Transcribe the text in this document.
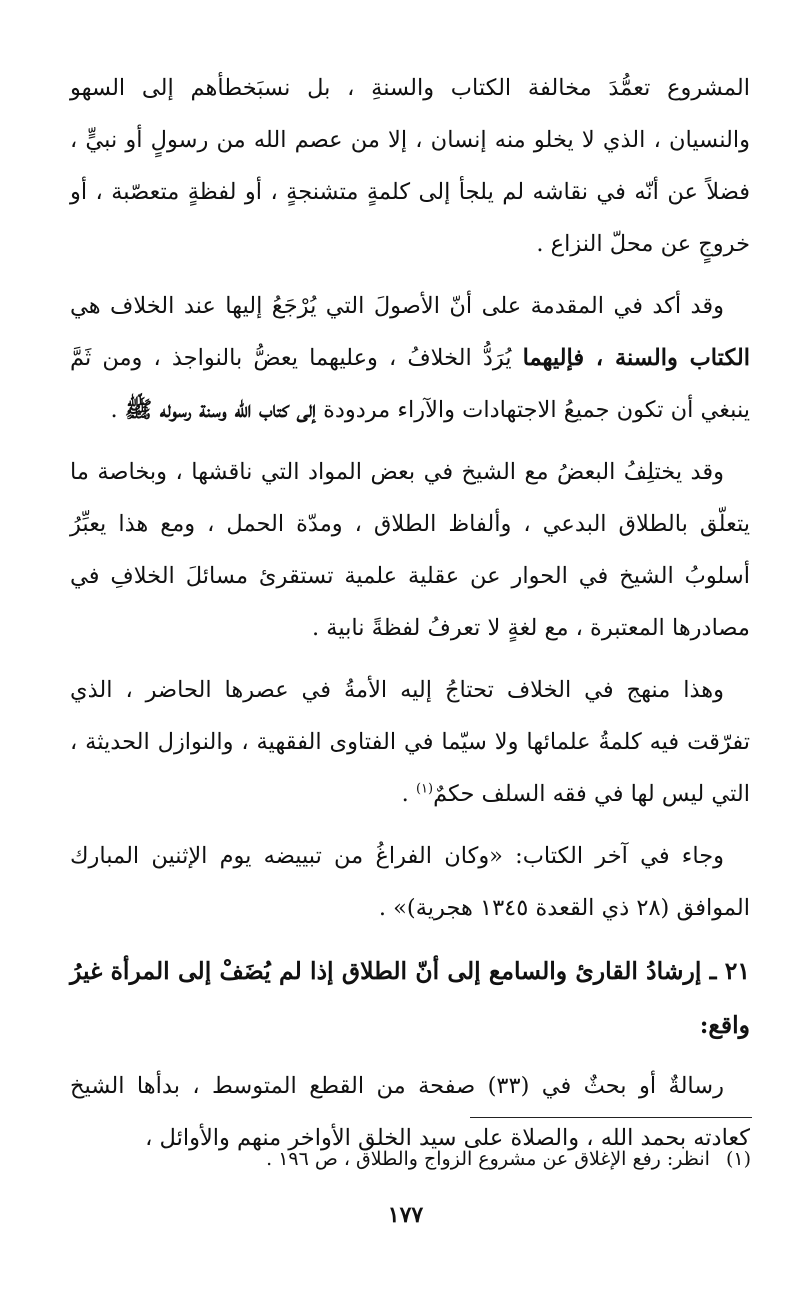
المشروع تعمُّدَ مخالفة الكتاب والسنةِ ، بل نسبَخطأهم إلى السهو والنسيان ، الذي لا يخلو منه إنسان ، إلا من عصم الله من رسولٍ أو نبيٍّ ، فضلاً عن أنّه في نقاشه لم يلجأ إلى كلمةٍ متشنجةٍ ، أو لفظةٍ متعصّبة ، أو خروجٍ عن محلّ النزاع .

وقد أكد في المقدمة على أنّ الأصولَ التي يُرْجَعُ إليها عند الخلاف هي الكتاب والسنة ، فإليهما يُرَدُّ الخلافُ ، وعليهما يعضُّ بالنواجذ ، ومن ثَمَّ ينبغي أن تكون جميعُ الاجتهادات والآراء مردودة إلى كتاب الله وسنة رسوله ﷺ .

وقد يختلِفُ البعضُ مع الشيخ في بعض المواد التي ناقشها ، وبخاصة ما يتعلّق بالطلاق البدعي ، وألفاظ الطلاق ، ومدّة الحمل ، ومع هذا يعبِّرُ أسلوبُ الشيخ في الحوار عن عقلية علمية تستقرئ مسائلَ الخلافِ في مصادرها المعتبرة ، مع لغةٍ لا تعرفُ لفظةً نابية .

وهذا منهج في الخلاف تحتاجُ إليه الأمةُ في عصرها الحاضر ، الذي تفرّقت فيه كلمةُ علمائها ولا سيّما في الفتاوى الفقهية ، والنوازل الحديثة ، التي ليس لها في فقه السلف حكمٌ$^{(١)}$ .

وجاء في آخر الكتاب: «وكان الفراغُ من تبييضه يوم الإثنين المبارك الموافق (٢٨ ذي القعدة ١٣٤٥ هجرية)» .

٢١ ـ إرشادُ القارئ والسامع إلى أنّ الطلاق إذا لم يُضَفْ إلى المرأة غيرُ واقع:

رسالةٌ أو بحثٌ في (٣٣) صفحة من القطع المتوسط ، بدأها الشيخ كعادته بحمد الله ، والصلاة على سيد الخلق الأواخر منهم والأوائل ،

(١)انظر: رفع الإغلاق عن مشروع الزواج والطلاق ، ص ١٩٦ .
١٧٧
